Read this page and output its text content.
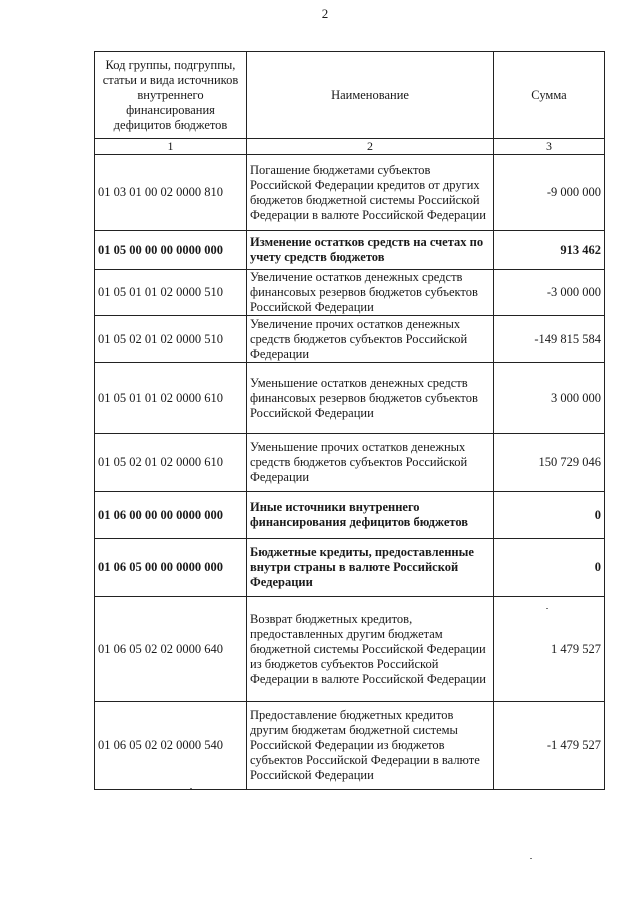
2
Код группы, подгруппы, статьи и вида источников внутреннего финансирования дефицитов бюджетов	Наименование	Сумма
1	2	3
01 03 01 00 02 0000 810	Погашение бюджетами субъектов Российской Федерации кредитов от других бюджетов бюджетной системы Российской Федерации в валюте Российской Федерации	-9 000 000
01 05 00 00 00 0000 000	Изменение остатков средств на счетах по учету средств бюджетов	913 462
01 05 01 01 02 0000 510	Увеличение остатков денежных средств финансовых резервов бюджетов субъектов Российской Федерации	-3 000 000
01 05 02 01 02 0000 510	Увеличение прочих остатков денежных средств бюджетов субъектов Российской Федерации	-149 815 584
01 05 01 01 02 0000 610	Уменьшение остатков денежных средств финансовых резервов бюджетов субъектов Российской Федерации	3 000 000
01 05 02 01 02 0000 610	Уменьшение прочих остатков денежных средств бюджетов субъектов Российской Федерации	150 729 046
01 06 00 00 00 0000 000	Иные источники внутреннего финансирования дефицитов бюджетов	0
01 06 05 00 00 0000 000	Бюджетные кредиты, предоставленные внутри страны в валюте Российской Федерации	0
01 06 05 02 02 0000 640	Возврат бюджетных кредитов, предоставленных другим бюджетам бюджетной системы Российской Федерации из бюджетов субъектов Российской Федерации в валюте Российской Федерации	1 479 527
01 06 05 02 02 0000 540	Предоставление бюджетных кредитов другим бюджетам бюджетной системы Российской Федерации из бюджетов субъектов Российской Федерации в валюте Российской Федерации	-1 479 527
